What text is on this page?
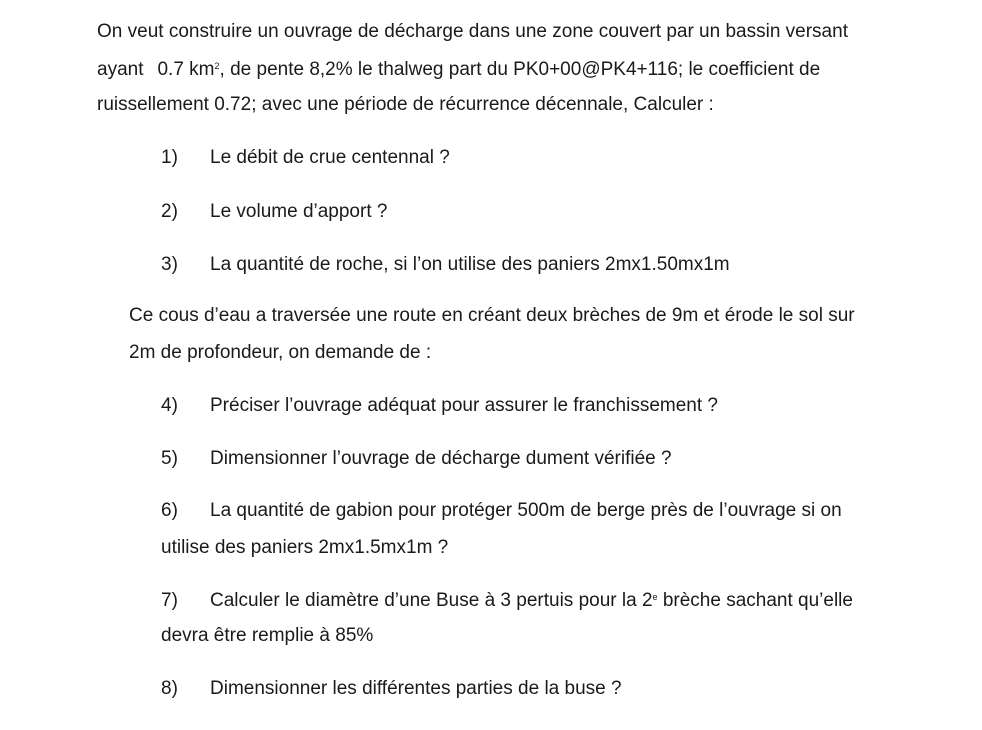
On veut construire un ouvrage de décharge dans une zone couvert par un bassin versant
ayant 0.7 $km^2$, de pente 8,2% le thalweg part du PK0+00@PK4+116; le coefficient de
ruissellement 0.72; avec une période de récurrence décennale, Calculer :
1) Le débit de crue centennal ?
2) Le volume d’apport ?
3) La quantité de roche, si l’on utilise des paniers 2mx1.50mx1m
Ce cous d’eau a traversée une route en créant deux brèches de 9m et érode le sol sur
2m de profondeur, on demande de :
4) Préciser l’ouvrage adéquat pour assurer le franchissement ?
5) Dimensionner l’ouvrage de décharge dument vérifiée ?
6) La quantité de gabion pour protéger 500m de berge près de l’ouvrage si on
utilise des paniers 2mx1.5mx1m ?
7) Calculer le diamètre d’une Buse à 3 pertuis pour la 2e brèche sachant qu’elle
devra être remplie à 85%
8) Dimensionner les différentes parties de la buse ?
